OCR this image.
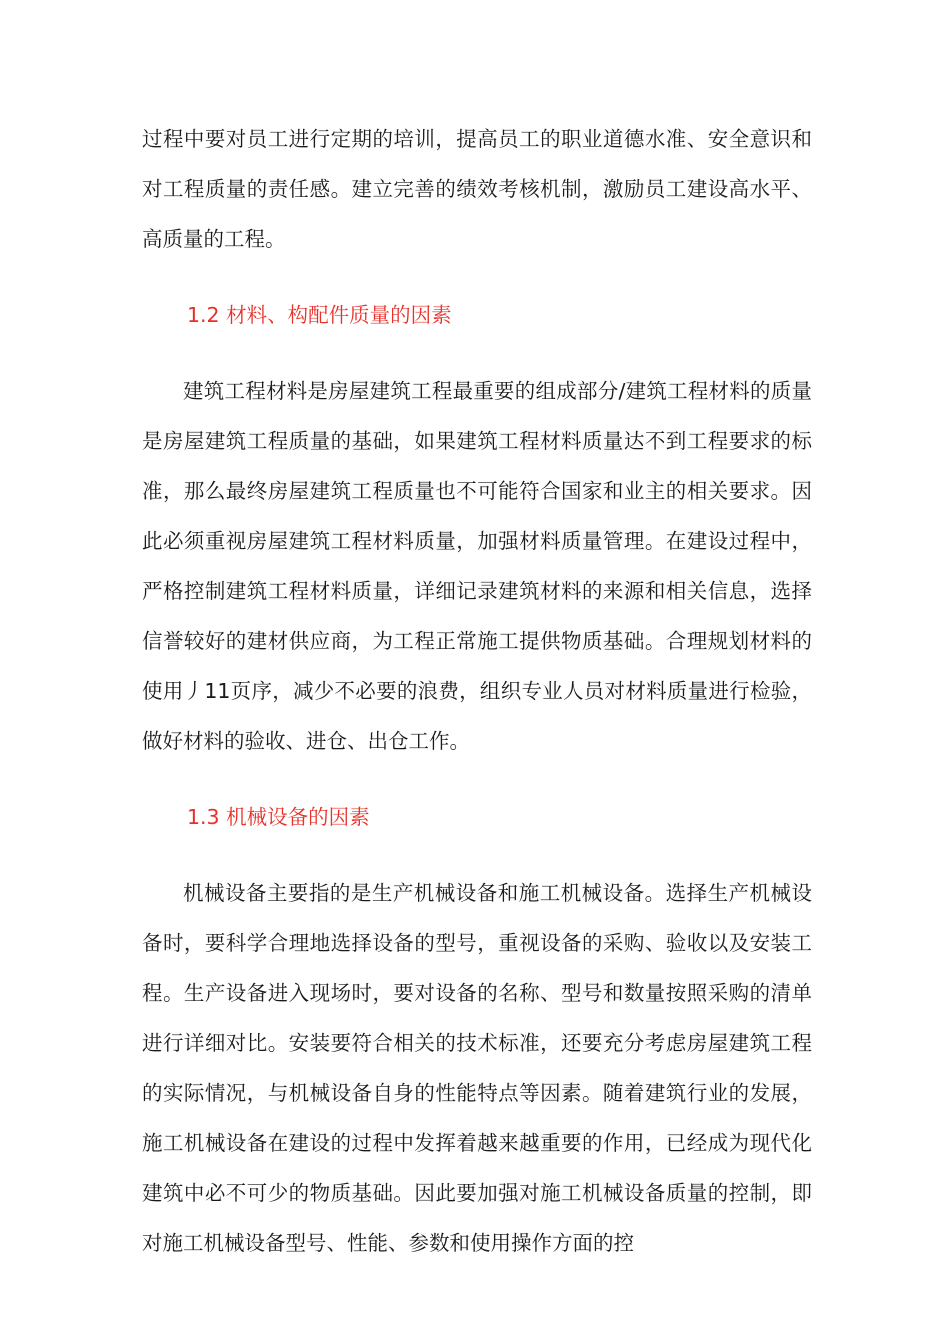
过程中要对员工进行定期的培训，提高员工的职业道德水准、安全意识和对工程质量的责任感。建立完善的绩效考核机制，激励员工建设高水平、高质量的工程。

1.2 材料、构配件质量的因素

建筑工程材料是房屋建筑工程最重要的组成部分/建筑工程材料的质量是房屋建筑工程质量的基础，如果建筑工程材料质量达不到工程要求的标准，那么最终房屋建筑工程质量也不可能符合国家和业主的相关要求。因此必须重视房屋建筑工程材料质量，加强材料质量管理。在建设过程中，严格控制建筑工程材料质量，详细记录建筑材料的来源和相关信息，选择信誉较好的建材供应商，为工程正常施工提供物质基础。合理规划材料的使用丿11页序，减少不必要的浪费，组织专业人员对材料质量进行检验，做好材料的验收、进仓、出仓工作。

1.3 机械设备的因素

机械设备主要指的是生产机械设备和施工机械设备。选择生产机械设备时，要科学合理地选择设备的型号，重视设备的采购、验收以及安装工程。生产设备进入现场时，要对设备的名称、型号和数量按照采购的清单进行详细对比。安装要符合相关的技术标准，还要充分考虑房屋建筑工程的实际情况，与机械设备自身的性能特点等因素。随着建筑行业的发展，施工机械设备在建设的过程中发挥着越来越重要的作用，已经成为现代化建筑中必不可少的物质基础。因此要加强对施工机械设备质量的控制，即对施工机械设备型号、性能、参数和使用操作方面的控
